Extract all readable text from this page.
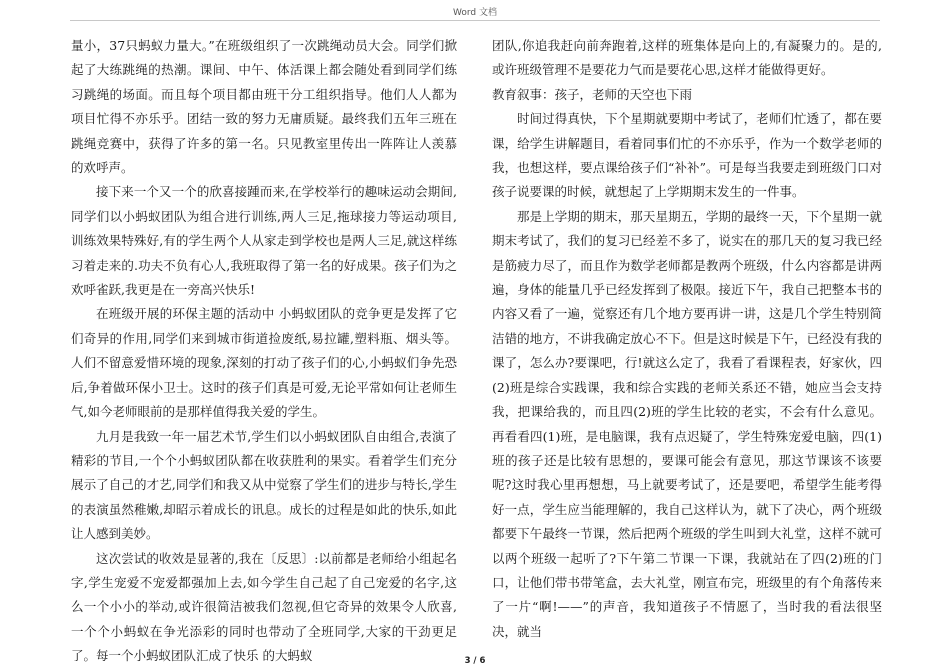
Word 文档

量小，37只蚂蚁力量大。”在班级组织了一次跳绳动员大会。同学们掀起了大练跳绳的热潮。课间、中午、体活课上都会随处看到同学们练习跳绳的场面。而且每个项目都由班干分工组织指导。他们人人都为项目忙得不亦乐乎。团结一致的努力无庸质疑。最终我们五年三班在跳绳竞赛中，获得了许多的第一名。只见教室里传出一阵阵让人羡慕的欢呼声。

接下来一个又一个的欣喜接踵而来,在学校举行的趣味运动会期间,同学们以小蚂蚁团队为组合进行训练,两人三足,拖球接力等运动项目,训练效果特殊好,有的学生两个人从家走到学校也是两人三足,就这样练习着走来的.功夫不负有心人,我班取得了第一名的好成果。孩子们为之欢呼雀跃,我更是在一旁高兴快乐!

在班级开展的环保主题的活动中 小蚂蚁团队的竞争更是发挥了它们奇异的作用,同学们来到城市街道捡废纸,易拉罐,塑料瓶、烟头等。人们不留意爱惜环境的现象,深刻的打动了孩子们的心,小蚂蚁们争先恐后,争着做环保小卫士。这时的孩子们真是可爱,无论平常如何让老师生气,如今老师眼前的是那样值得我关爱的学生。

九月是我致一年一届艺术节,学生们以小蚂蚁团队自由组合,表演了精彩的节目,一个个小蚂蚁团队都在收获胜利的果实。看着学生们充分展示了自己的才艺,同学们和我又从中觉察了学生们的进步与特长,学生的表演虽然稚嫩,却昭示着成长的讯息。成长的过程是如此的快乐,如此让人感到美妙。

这次尝试的收效是显著的,我在〔反思〕:以前都是老师给小组起名字,学生宠爱不宠爱都强加上去,如今学生自己起了自己宠爱的名字,这么一个小小的举动,或许很简洁被我们忽视,但它奇异的效果令人欣喜,一个个小蚂蚁在争光添彩的同时也带动了全班同学,大家的干劲更足了。每一个小蚂蚁团队汇成了快乐 的大蚂蚁

团队,你追我赶向前奔跑着,这样的班集体是向上的,有凝聚力的。是的,或许班级管理不是要花力气而是要花心思,这样才能做得更好。

教育叙事：孩子，老师的天空也下雨

时间过得真快，下个星期就要期中考试了，老师们忙透了，都在要课，给学生讲解题目，看着同事们忙的不亦乐乎，作为一个数学老师的我，也想这样，要点课给孩子们“补补”。可是每当我要走到班级门口对孩子说要课的时候，就想起了上学期期末发生的一件事。

那是上学期的期末，那天星期五，学期的最终一天，下个星期一就期末考试了，我们的复习已经差不多了，说实在的那几天的复习我已经是筋疲力尽了，而且作为数学老师都是教两个班级，什么内容都是讲两遍，身体的能量几乎已经发挥到了极限。接近下午，我自己把整本书的内容又看了一遍，觉察还有几个地方要再讲一讲，这是几个学生特别简洁错的地方，不讲我确定放心不下。但是这时候是下午，已经没有我的课了，怎么办?要课吧，行!就这么定了，我看了看课程表，好家伙，四(2)班是综合实践课，我和综合实践的老师关系还不错，她应当会支持我，把课给我的，而且四(2)班的学生比较的老实，不会有什么意见。再看看四(1)班，是电脑课，我有点迟疑了，学生特殊宠爱电脑，四(1)班的孩子还是比较有思想的，要课可能会有意见，那这节课该不该要呢?这时我心里再想想，马上就要考试了，还是要吧，希望学生能考得好一点，学生应当能理解的，我自己这样认为，就下了决心，两个班级都要下午最终一节课，然后把两个班级的学生叫到大礼堂，这样不就可以两个班级一起听了?下午第二节课一下课，我就站在了四(2)班的门口，让他们带书带笔盒，去大礼堂，刚宣布完，班级里的有个角落传来了一片“啊!——”的声音，我知道孩子不情愿了，当时我的看法很坚决，就当

3 / 6
